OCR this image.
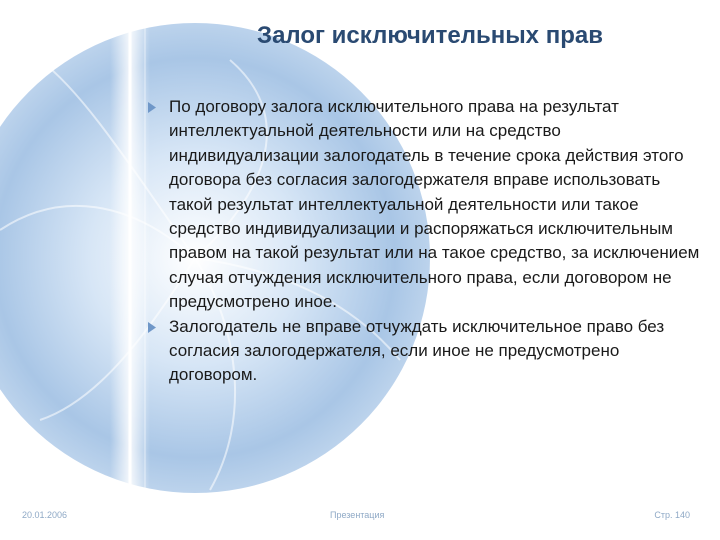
Залог исключительных прав
По договору залога исключительного права на результат интеллектуальной деятельности или на средство индивидуализации залогодатель в течение срока действия этого договора без согласия залогодержателя вправе использовать такой результат интеллектуальной деятельности или такое средство индивидуализации и распоряжаться исключительным правом на такой результат или на такое средство, за исключением случая отчуждения исключительного права, если договором не предусмотрено иное.
Залогодатель не вправе отчуждать исключительное право без согласия залогодержателя, если иное не предусмотрено договором.
20.01.2006	Презентация	Стр. 140
